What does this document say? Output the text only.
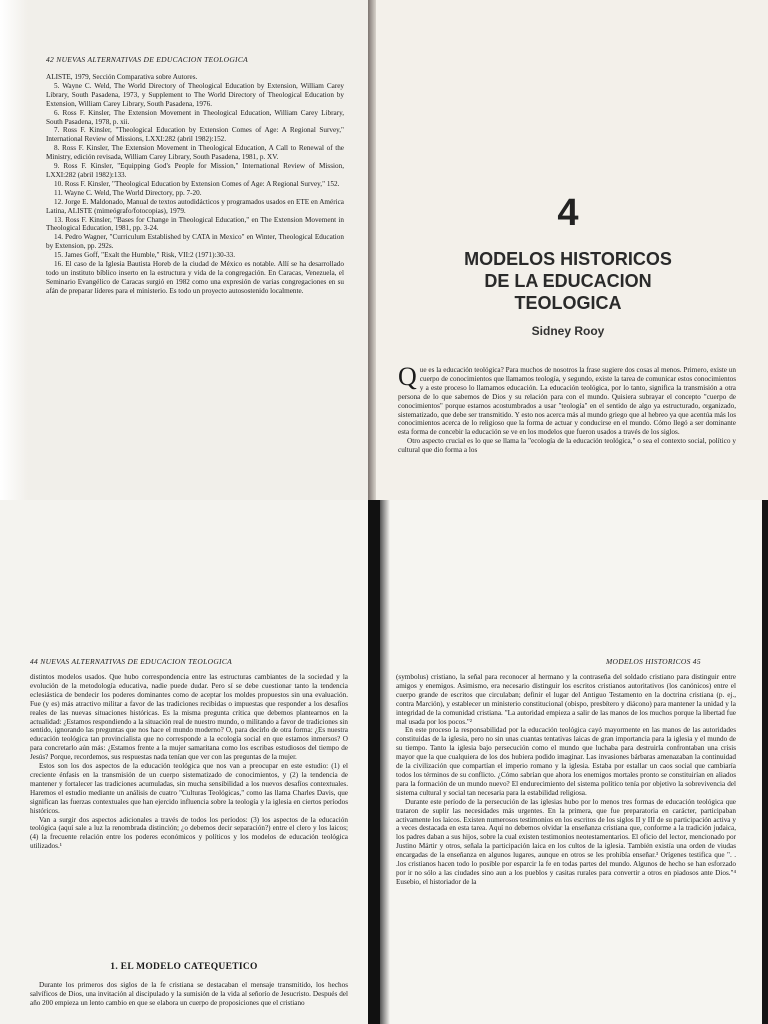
42 NUEVAS ALTERNATIVAS DE EDUCACION TEOLOGICA

ALISTE, 1979, Sección Comparativa sobre Autores.

5. Wayne C. Weld, The World Directory of Theological Education by Extension, William Carey Library, South Pasadena, 1973, y Supplement to The World Directory of Theological Education by Extension, William Carey Library, South Pasadena, 1976.

6. Ross F. Kinsler, The Extension Movement in Theological Education, William Carey Library, South Pasadena, 1978, p. xii.

7. Ross F. Kinsler, "Theological Education by Extension Comes of Age: A Regional Survey," International Review of Missions, LXXI:282 (abril 1982):152.

8. Ross F. Kinsler, The Extension Movement in Theological Education, A Call to Renewal of the Ministry, edición revisada, William Carey Library, South Pasadena, 1981, p. XV.

9. Ross F. Kinsler, "Equipping God's People for Mission," International Review of Mission, LXXI:282 (abril 1982):133.

10. Ross F. Kinsler, "Theological Education by Extension Comes of Age: A Regional Survey," 152.

11. Wayne C. Weld, The World Directory, pp. 7-20.

12. Jorge E. Maldonado, Manual de textos autodidácticos y programados usados en ETE en América Latina, ALISTE (mimeógrafo/fotocopias), 1979.

13. Ross F. Kinsler, "Bases for Change in Theological Education," en The Extension Movement in Theological Education, 1981, pp. 3-24.

14. Pedro Wagner, "Curriculum Established by CATA in Mexico" en Winter, Theological Education by Extension, pp. 292s.

15. James Goff, "Exalt the Humble," Risk, VII:2 (1971):30-33.

16. El caso de la Iglesia Bautista Horeb de la ciudad de México es notable. Allí se ha desarrollado todo un instituto bíblico inserto en la estructura y vida de la congregación. En Caracas, Venezuela, el Seminario Evangélico de Caracas surgió en 1982 como una expresión de varias congregaciones en su afán de preparar líderes para el ministerio. Es todo un proyecto autosostenido localmente.

4
MODELOS HISTORICOS
DE LA EDUCACION
TEOLOGICA
Sidney Rooy

Que es la educación teológica? Para muchos de nosotros la frase sugiere dos cosas al menos. Primero, existe un cuerpo de conocimientos que llamamos teología, y segundo, existe la tarea de comunicar estos conocimientos y a este proceso lo llamamos educación. La educación teológica, por lo tanto, significa la transmisión a otra persona de lo que sabemos de Dios y su relación para con el mundo. Quisiera subrayar el concepto "cuerpo de conocimientos" porque estamos acostumbrados a usar "teología" en el sentido de algo ya estructurado, organizado, sistematizado, que debe ser transmitido. Y esto nos acerca más al mundo griego que al hebreo ya que acentúa más los conocimientos acerca de lo religioso que la forma de actuar y conducirse en el mundo. Cómo llegó a ser dominante esta forma de concebir la educación se ve en los modelos que fueron usados a través de los siglos.

Otro aspecto crucial es lo que se llama la "ecología de la educación teológica," o sea el contexto social, político y cultural que dio forma a los

44 NUEVAS ALTERNATIVAS DE EDUCACION TEOLOGICA

distintos modelos usados. Que hubo correspondencia entre las estructuras cambiantes de la sociedad y la evolución de la metodología educativa, nadie puede dudar. Pero sí se debe cuestionar tanto la tendencia eclesiástica de bendecir los poderes dominantes como de aceptar los moldes propuestos sin una evaluación. Fue (y es) más atractivo militar a favor de las tradiciones recibidas o impuestas que responder a los desafíos reales de las nuevas situaciones históricas. Es la misma pregunta crítica que debemos plantearnos en la actualidad: ¿Estamos respondiendo a la situación real de nuestro mundo, o militando a favor de tradiciones sin sentido, ignorando las preguntas que nos hace el mundo moderno? O, para decirlo de otra forma: ¿Es nuestra educación teológica tan provincialista que no corresponde a la ecología social en que estamos inmersos? O para concretarlo aún más: ¿Estamos frente a la mujer samaritana como los escribas estudiosos del tiempo de Jesús? Porque, recordemos, sus respuestas nada tenían que ver con las preguntas de la mujer.

Estos son los dos aspectos de la educación teológica que nos van a preocupar en este estudio: (1) el creciente énfasis en la transmisión de un cuerpo sistematizado de conocimientos, y (2) la tendencia de mantener y fortalecer las tradiciones acumuladas, sin mucha sensibilidad a los nuevos desafíos contextuales. Haremos el estudio mediante un análisis de cuatro "Culturas Teológicas," como las llama Charles Davis, que significan las fuerzas contextuales que han ejercido influencia sobre la teología y la iglesia en ciertos períodos históricos.

Van a surgir dos aspectos adicionales a través de todos los períodos: (3) los aspectos de la educación teológica (aquí sale a luz la renombrada distinción; ¿o debemos decir separación?) entre el clero y los laicos; (4) la frecuente relación entre los poderes económicos y políticos y los modelos de educación teológica utilizados.¹

1. EL MODELO CATEQUETICO

Durante los primeros dos siglos de la fe cristiana se destacaban el mensaje transmitido, los hechos salvíficos de Dios, una invitación al discipulado y la sumisión de la vida al señorío de Jesucristo. Después del año 200 empieza un lento cambio en que se elabora un cuerpo de proposiciones que el cristiano

MODELOS HISTORICOS 45

(symbolus) cristiano, la señal para reconocer al hermano y la contraseña del soldado cristiano para distinguir entre amigos y enemigos. Asimismo, era necesario distinguir los escritos cristianos autoritativos (los canónicos) entre el cuerpo grande de escritos que circulaban; definir el lugar del Antiguo Testamento en la doctrina cristiana (p. ej., contra Marción), y establecer un ministerio constitucional (obispo, presbítero y diácono) para mantener la unidad y la integridad de la comunidad cristiana. "La autoridad empieza a salir de las manos de los muchos porque la libertad fue mal usada por los pocos."²

En este proceso la responsabilidad por la educación teológica cayó mayormente en las manos de las autoridades constituidas de la iglesia, pero no sin unas cuantas tentativas laicas de gran importancia para la iglesia y el mundo de su tiempo. Tanto la iglesia bajo persecución como el mundo que luchaba para destruirla confrontaban una crisis mayor que la que cualquiera de los dos hubiera podido imaginar. Las invasiones bárbaras amenazaban la continuidad de la civilización que compartían el imperio romano y la iglesia. Estaba por estallar un caos social que cambiaría todos los términos de su conflicto. ¿Cómo sabrían que ahora los enemigos mortales pronto se constituirían en aliados para la formación de un mundo nuevo? El endurecimiento del sistema político tenía por objetivo la sobrevivencia del sistema cultural y social tan necesaria para la estabilidad religiosa.

Durante este período de la persecución de las iglesias hubo por lo menos tres formas de educación teológica que trataron de suplir las necesidades más urgentes. En la primera, que fue preparatoria en carácter, participaban activamente los laicos. Existen numerosos testimonios en los escritos de los siglos II y III de su participación activa y a veces destacada en esta tarea. Aquí no debemos olvidar la enseñanza cristiana que, conforme a la tradición judaica, los padres daban a sus hijos, sobre la cual existen testimonios neotestamentarios. El oficio del lector, mencionado por Justino Mártir y otros, señala la participación laica en los cultos de la iglesia. También existía una orden de viudas encargadas de la enseñanza en algunos lugares, aunque en otros se les prohibía enseñar.³ Orígenes testifica que ". . .los cristianos hacen todo lo posible por esparcir la fe en todas partes del mundo. Algunos de hecho se han esforzado por ir no sólo a las ciudades sino aun a los pueblos y casitas rurales para convertir a otros en piadosos ante Dios."⁴ Eusebio, el historiador de la
